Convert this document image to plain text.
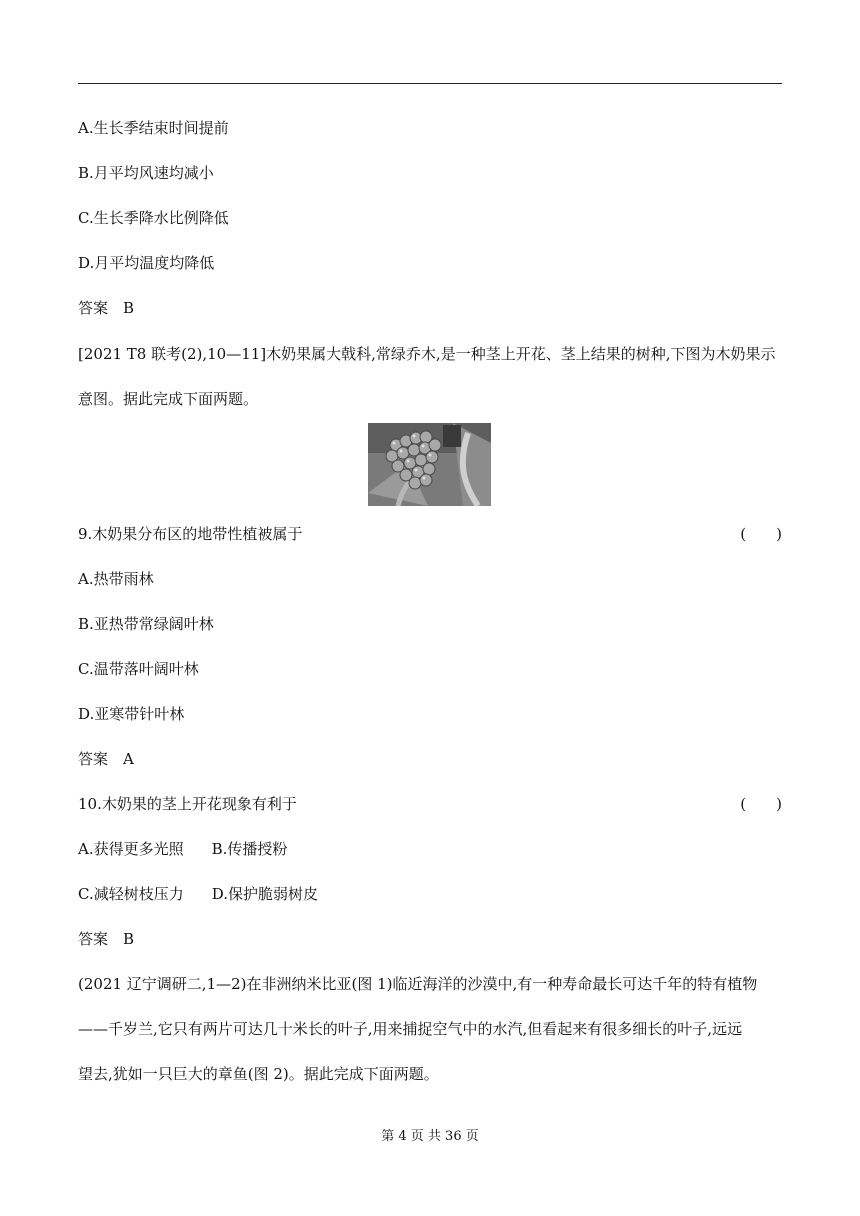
A.生长季结束时间提前
B.月平均风速均减小
C.生长季降水比例降低
D.月平均温度均降低
答案　B
[2021 T8 联考(2),10—11]木奶果属大戟科,常绿乔木,是一种茎上开花、茎上结果的树种,下图为木奶果示
意图。据此完成下面两题。
9.木奶果分布区的地带性植被属于	(　　)
A.热带雨林
B.亚热带常绿阔叶林
C.温带落叶阔叶林
D.亚寒带针叶林
答案　A
10.木奶果的茎上开花现象有利于	(　　)
A.获得更多光照 B.传播授粉
C.减轻树枝压力 D.保护脆弱树皮
答案　B
(2021 辽宁调研二,1—2)在非洲纳米比亚(图 1)临近海洋的沙漠中,有一种寿命最长可达千年的特有植物
——千岁兰,它只有两片可达几十米长的叶子,用来捕捉空气中的水汽,但看起来有很多细长的叶子,远远
望去,犹如一只巨大的章鱼(图 2)。据此完成下面两题。
第 4 页 共 36 页
